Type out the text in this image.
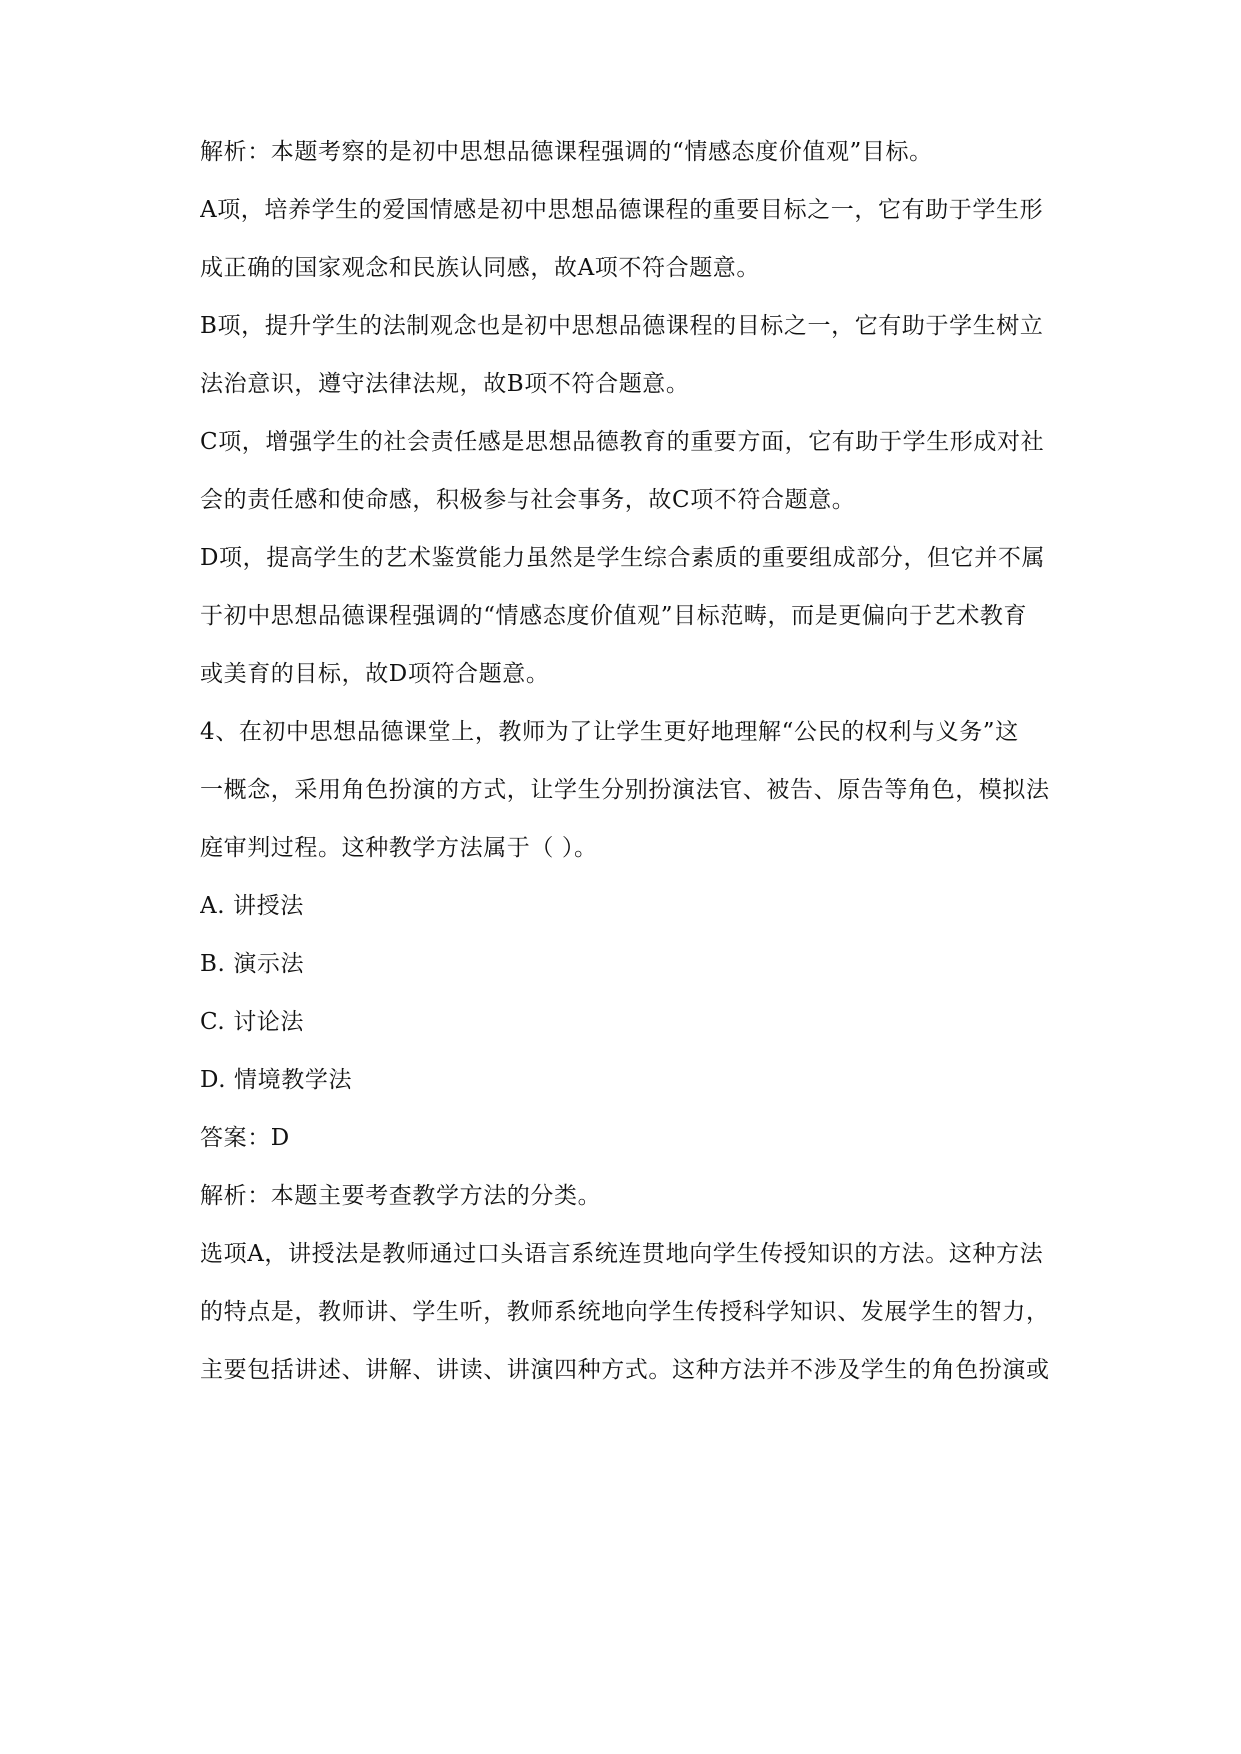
解析：本题考察的是初中思想品德课程强调的“情感态度价值观”目标。
A项，培养学生的爱国情感是初中思想品德课程的重要目标之一，它有助于学生形
成正确的国家观念和民族认同感，故A项不符合题意。
B项，提升学生的法制观念也是初中思想品德课程的目标之一，它有助于学生树立
法治意识，遵守法律法规，故B项不符合题意。
C项，增强学生的社会责任感是思想品德教育的重要方面，它有助于学生形成对社
会的责任感和使命感，积极参与社会事务，故C项不符合题意。
D项，提高学生的艺术鉴赏能力虽然是学生综合素质的重要组成部分，但它并不属
于初中思想品德课程强调的“情感态度价值观”目标范畴，而是更偏向于艺术教育
或美育的目标，故D项符合题意。
4、在初中思想品德课堂上，教师为了让学生更好地理解“公民的权利与义务”这
一概念，采用角色扮演的方式，让学生分别扮演法官、被告、原告等角色，模拟法
庭审判过程。这种教学方法属于（ ）。
A. 讲授法
B. 演示法
C. 讨论法
D. 情境教学法
答案：D
解析：本题主要考查教学方法的分类。
选项A，讲授法是教师通过口头语言系统连贯地向学生传授知识的方法。这种方法
的特点是，教师讲、学生听，教师系统地向学生传授科学知识、发展学生的智力，
主要包括讲述、讲解、讲读、讲演四种方式。这种方法并不涉及学生的角色扮演或
